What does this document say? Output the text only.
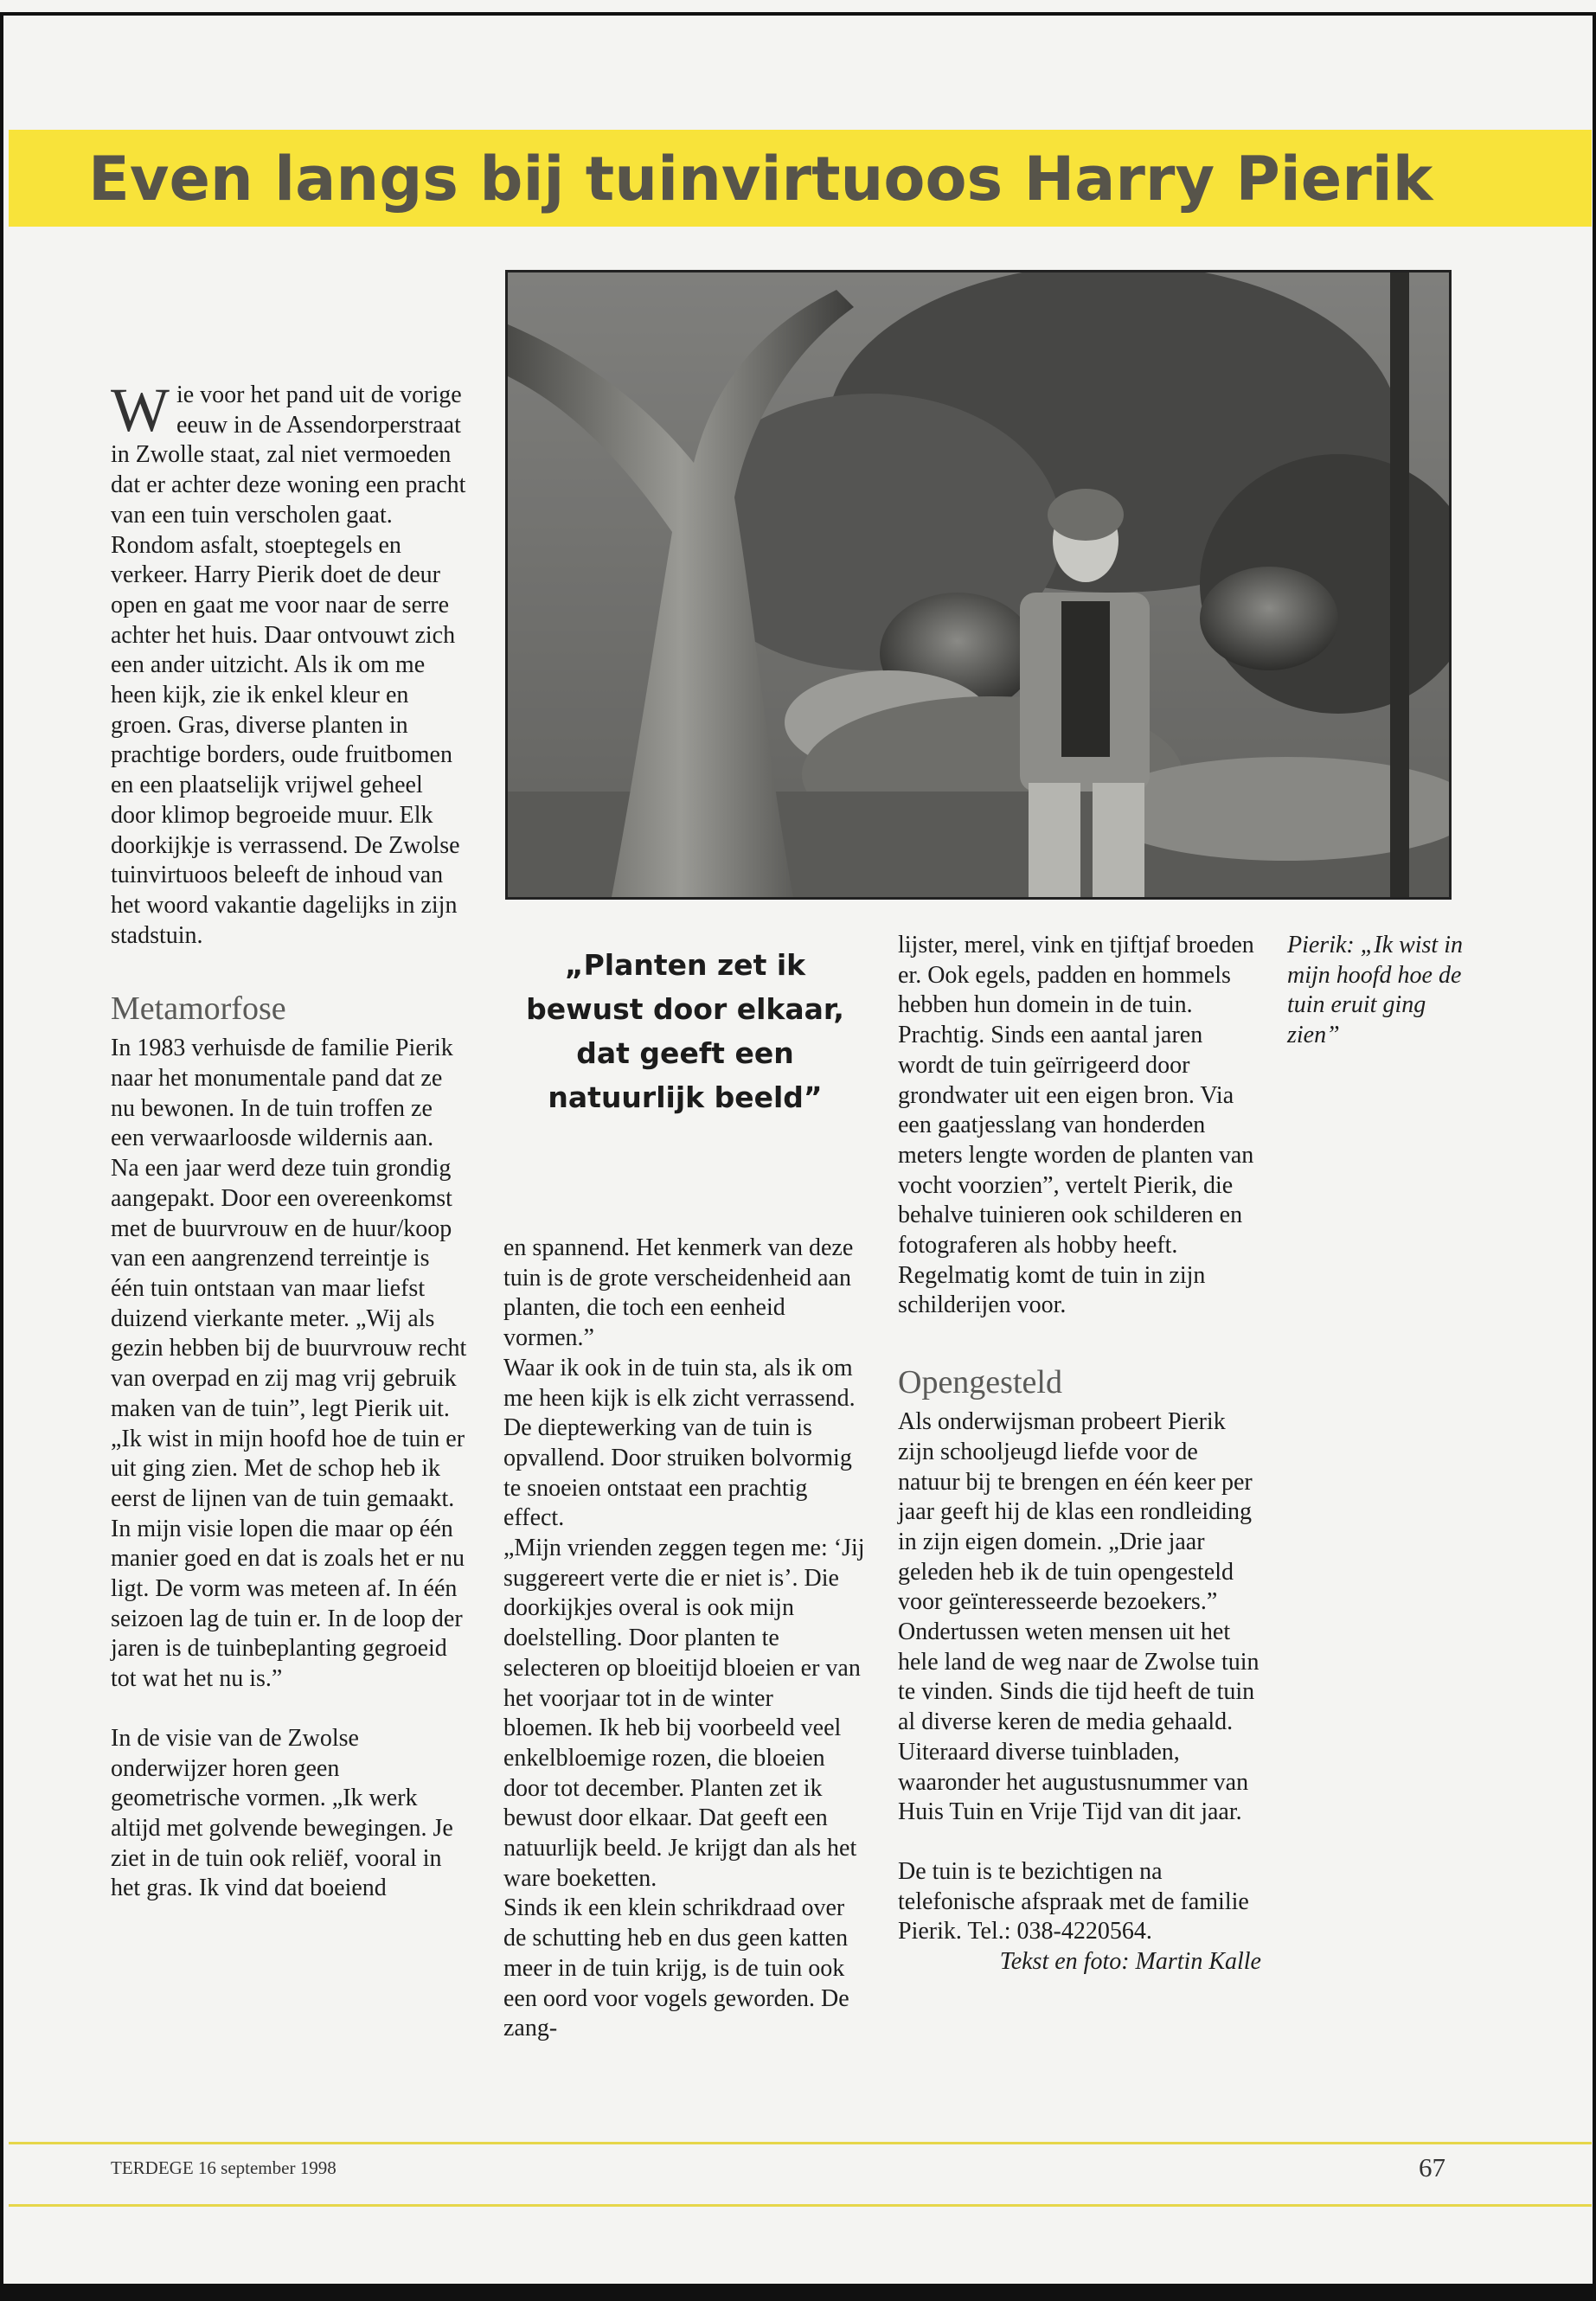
Even langs bij tuinvirtuoos Harry Pierik

Wie voor het pand uit de vorige eeuw in de Assendorperstraat in Zwolle staat, zal niet vermoeden dat er achter deze woning een pracht van een tuin verscholen gaat. Rondom asfalt, stoeptegels en verkeer. Harry Pierik doet de deur open en gaat me voor naar de serre achter het huis. Daar ontvouwt zich een ander uitzicht. Als ik om me heen kijk, zie ik enkel kleur en groen. Gras, diverse planten in prachtige borders, oude fruitbomen en een plaatselijk vrijwel geheel door klimop begroeide muur. Elk doorkijkje is verrassend. De Zwolse tuinvirtuoos beleeft de inhoud van het woord vakantie dagelijks in zijn stadstuin.

Metamorfose

In 1983 verhuisde de familie Pierik naar het monumentale pand dat ze nu bewonen. In de tuin troffen ze een verwaarloosde wildernis aan. Na een jaar werd deze tuin grondig aangepakt. Door een overeenkomst met de buurvrouw en de huur/koop van een aangrenzend terreintje is één tuin ontstaan van maar liefst duizend vierkante meter. „Wij als gezin hebben bij de buurvrouw recht van overpad en zij mag vrij gebruik maken van de tuin”, legt Pierik uit. „Ik wist in mijn hoofd hoe de tuin er uit ging zien. Met de schop heb ik eerst de lijnen van de tuin gemaakt. In mijn visie lopen die maar op één manier goed en dat is zoals het er nu ligt. De vorm was meteen af. In één seizoen lag de tuin er. In de loop der jaren is de tuinbeplanting gegroeid tot wat het nu is.”

In de visie van de Zwolse onderwijzer horen geen geometrische vormen. „Ik werk altijd met golvende bewegingen. Je ziet in de tuin ook reliëf, vooral in het gras. Ik vind dat boeiend

„Planten zet ik bewust door elkaar, dat geeft een natuurlijk beeld”

en spannend. Het kenmerk van deze tuin is de grote verscheidenheid aan planten, die toch een eenheid vormen.”

Waar ik ook in de tuin sta, als ik om me heen kijk is elk zicht verrassend. De dieptewerking van de tuin is opvallend. Door struiken bolvormig te snoeien ontstaat een prachtig effect.

„Mijn vrienden zeggen tegen me: ‘Jij suggereert verte die er niet is’. Die doorkijkjes overal is ook mijn doelstelling. Door planten te selecteren op bloeitijd bloeien er van het voorjaar tot in de winter bloemen. Ik heb bij voorbeeld veel enkelbloemige rozen, die bloeien door tot december. Planten zet ik bewust door elkaar. Dat geeft een natuurlijk beeld. Je krijgt dan als het ware boeketten.

Sinds ik een klein schrikdraad over de schutting heb en dus geen katten meer in de tuin krijg, is de tuin ook een oord voor vogels geworden. De zang-

lijster, merel, vink en tjiftjaf broeden er. Ook egels, padden en hommels hebben hun domein in de tuin. Prachtig. Sinds een aantal jaren wordt de tuin geïrrigeerd door grondwater uit een eigen bron. Via een gaatjesslang van honderden meters lengte worden de planten van vocht voorzien”, vertelt Pierik, die behalve tuinieren ook schilderen en fotograferen als hobby heeft. Regelmatig komt de tuin in zijn schilderijen voor.

Opengesteld

Als onderwijsman probeert Pierik zijn schooljeugd liefde voor de natuur bij te brengen en één keer per jaar geeft hij de klas een rondleiding in zijn eigen domein. „Drie jaar geleden heb ik de tuin opengesteld voor geïnteresseerde bezoekers.” Ondertussen weten mensen uit het hele land de weg naar de Zwolse tuin te vinden. Sinds die tijd heeft de tuin al diverse keren de media gehaald. Uiteraard diverse tuinbladen, waaronder het augustusnummer van Huis Tuin en Vrije Tijd van dit jaar.

De tuin is te bezichtigen na telefonische afspraak met de familie Pierik. Tel.: 038-4220564.

Tekst en foto: Martin Kalle

Pierik: „Ik wist in mijn hoofd hoe de tuin eruit ging zien”
TERDEGE 16 september 1998	67
